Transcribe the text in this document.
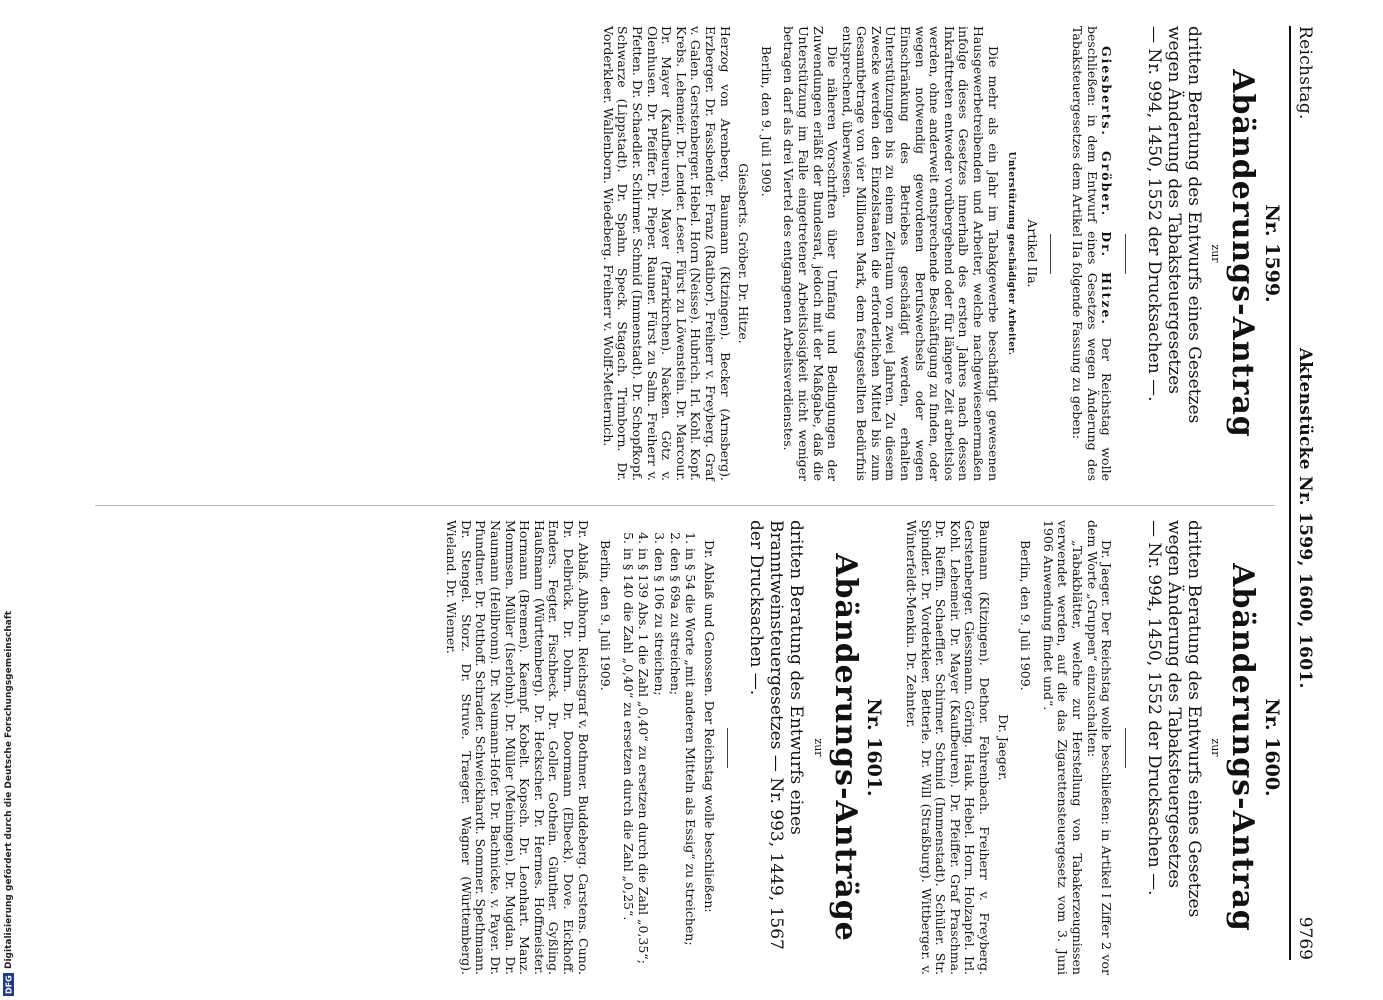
DFG
Digitalisierung gefördert durch die Deutsche Forschungsgemeinschaft
Reichstag.
Aktenstücke Nr. 1599, 1600, 1601.
9769
Nr. 1599.
Abänderungs-Antrag
zur
dritten Beratung des Entwurfs eines Gesetzes wegen Änderung des Tabaksteuergesetzes
— Nr. 994, 1450, 1552 der Drucksachen —.

Giesberts. Gröber. Dr. Hitze. Der Reichstag wolle beschließen: in dem Entwurf eines Gesetzes wegen Änderung des Tabaksteuergesetzes dem Artikel IIa folgende Fassung zu geben:

Artikel IIa.
Unterstützung geschädigter Arbeiter.

Die mehr als ein Jahr im Tabakgewerbe beschäftigt gewesenen Hausgewerbetreibenden und Arbeiter, welche nachgewiesenermaßen infolge dieses Gesetzes innerhalb des ersten Jahres nach dessen Inkrafttreten entweder vorübergehend oder für längere Zeit arbeitslos werden, ohne anderweit entsprechende Beschäftigung zu finden, oder wegen notwendig gewordenen Berufswechsels oder wegen Einschränkung des Betriebes geschädigt werden, erhalten Unterstützungen bis zu einem Zeitraum von zwei Jahren. Zu diesem Zwecke werden den Einzelstaaten die erforderlichen Mittel bis zum Gesamtbetrage von vier Millionen Mark, dem festgestellten Bedürfnis entsprechend, überwiesen.

Die näheren Vorschriften über Umfang und Bedingungen der Zuwendungen erläßt der Bundesrat, jedoch mit der Maßgabe, daß die Unterstützung im Falle eingetretener Arbeitslosigkeit nicht weniger betragen darf als drei Viertel des entgangenen Arbeitsverdienstes.

Berlin, den 9. Juli 1909.

Giesberts. Gröber. Dr. Hitze.

Herzog von Arenberg. Baumann (Kitzingen). Becker (Arnsberg). Erzberger. Dr. Fassbender. Franz (Ratibor). Freiherr v. Freyberg. Graf v. Galen. Gerstenberger. Hebel. Horn (Neisse). Hubrich. Irl. Kohl. Kopf. Krebs. Lehemeir. Dr. Lender. Leser. Fürst zu Löwenstein. Dr. Marcour. Dr. Mayer (Kaufbeuren). Mayer (Pfarrkirchen). Nacken. Götz v. Olenhusen. Dr. Pfeiffer. Dr. Pieper. Rauner. Fürst zu Salm. Freiherr v. Pfetten. Dr. Schaedler. Schirmer. Schmid (Immenstadt). Dr. Schopfkopf. Schwarze (Lippstadt). Dr. Spahn. Speck. Stagach. Trimborn. Dr. Vorderkleer. Wallenborn. Wiedeberg. Freiherr v. Wolff-Metternich.

Nr. 1600.
Abänderungs-Antrag
zur
dritten Beratung des Entwurfs eines Gesetzes wegen Änderung des Tabaksteuergesetzes
— Nr. 994, 1450, 1552 der Drucksachen —.

Dr. Jaeger. Der Reichstag wolle beschließen: in Artikel I Ziffer 2 vor dem Worte „Gruppen“ einzuschalten:

„Tabakblätter, welche zur Herstellung von Tabakerzeugnissen verwendet werden, auf die das Zigarettensteuergesetz vom 3. Juni 1906 Anwendung findet und“.

Berlin, den 9. Juli 1909.

Dr. Jaeger.

Baumann (Kitzingen). Dethor. Fehrenbach. Freiherr v. Freyberg. Gerstenberger. Giessmann. Göring. Hauk. Hebel. Horn. Holzapfel. Irl. Kohl. Lehemeir. Dr. Mayer (Kaufbeuren). Dr. Pfeiffer. Graf Praschma. Dr. Rieffin. Schaeffler. Schirmer. Schmid (Immenstadt). Schüler. Str. Spindler. Dr. Vorderkleer. Betterle. Dr. Will (Straßburg). Wittberger. v. Winterfeldt-Menkin. Dr. Zehnter.

Nr. 1601.
Abänderungs-Anträge
zur
dritten Beratung des Entwurfs eines Branntweinsteuergesetzes — Nr. 993, 1449, 1567 der Drucksachen —.

Dr. Ablaß und Genossen. Der Reichstag wolle beschließen:

1. in § 54 die Worte „mit anderen Mitteln als Essig“ zu streichen;
2. den § 69a zu streichen;
3. den § 106 zu streichen;
4. in § 139 Abs. 1 die Zahl „0,40“ zu ersetzen durch die Zahl „0,35“;
5. in § 140 die Zahl „0,40“ zu ersetzen durch die Zahl „0,25“.

Berlin, den 9. Juli 1909.

Dr. Ablaß. Albhorn. Reichsgraf v. Bothmer. Buddeberg. Carstens. Cuno. Dr. Delbrück. Dr. Dohrn. Dr. Doormann (Elbeck). Dove. Eickhoff. Enders. Fegter. Fischbeck. Dr. Goller. Gothein. Günther. Gyßling. Haußmann (Württemberg). Dr. Heckscher. Dr. Hermes. Hoffmeister. Hormann (Bremen). Kaempf. Kobelt. Kopsch. Dr. Leonhart. Manz. Mommsen. Müller (Iserlohn). Dr. Müller (Meiningen). Dr. Mugdan. Dr. Naumann (Heilbronn). Dr. Neumann-Hofer. Dr. Bachnicke. v. Payer. Dr. Pfundtner. Dr. Potthoff. Schrader. Schweickhardt. Sommer. Spethmann. Dr. Stengel. Storz. Dr. Struve. Traeger. Wagner (Württemberg). Wieland. Dr. Wiemer.
